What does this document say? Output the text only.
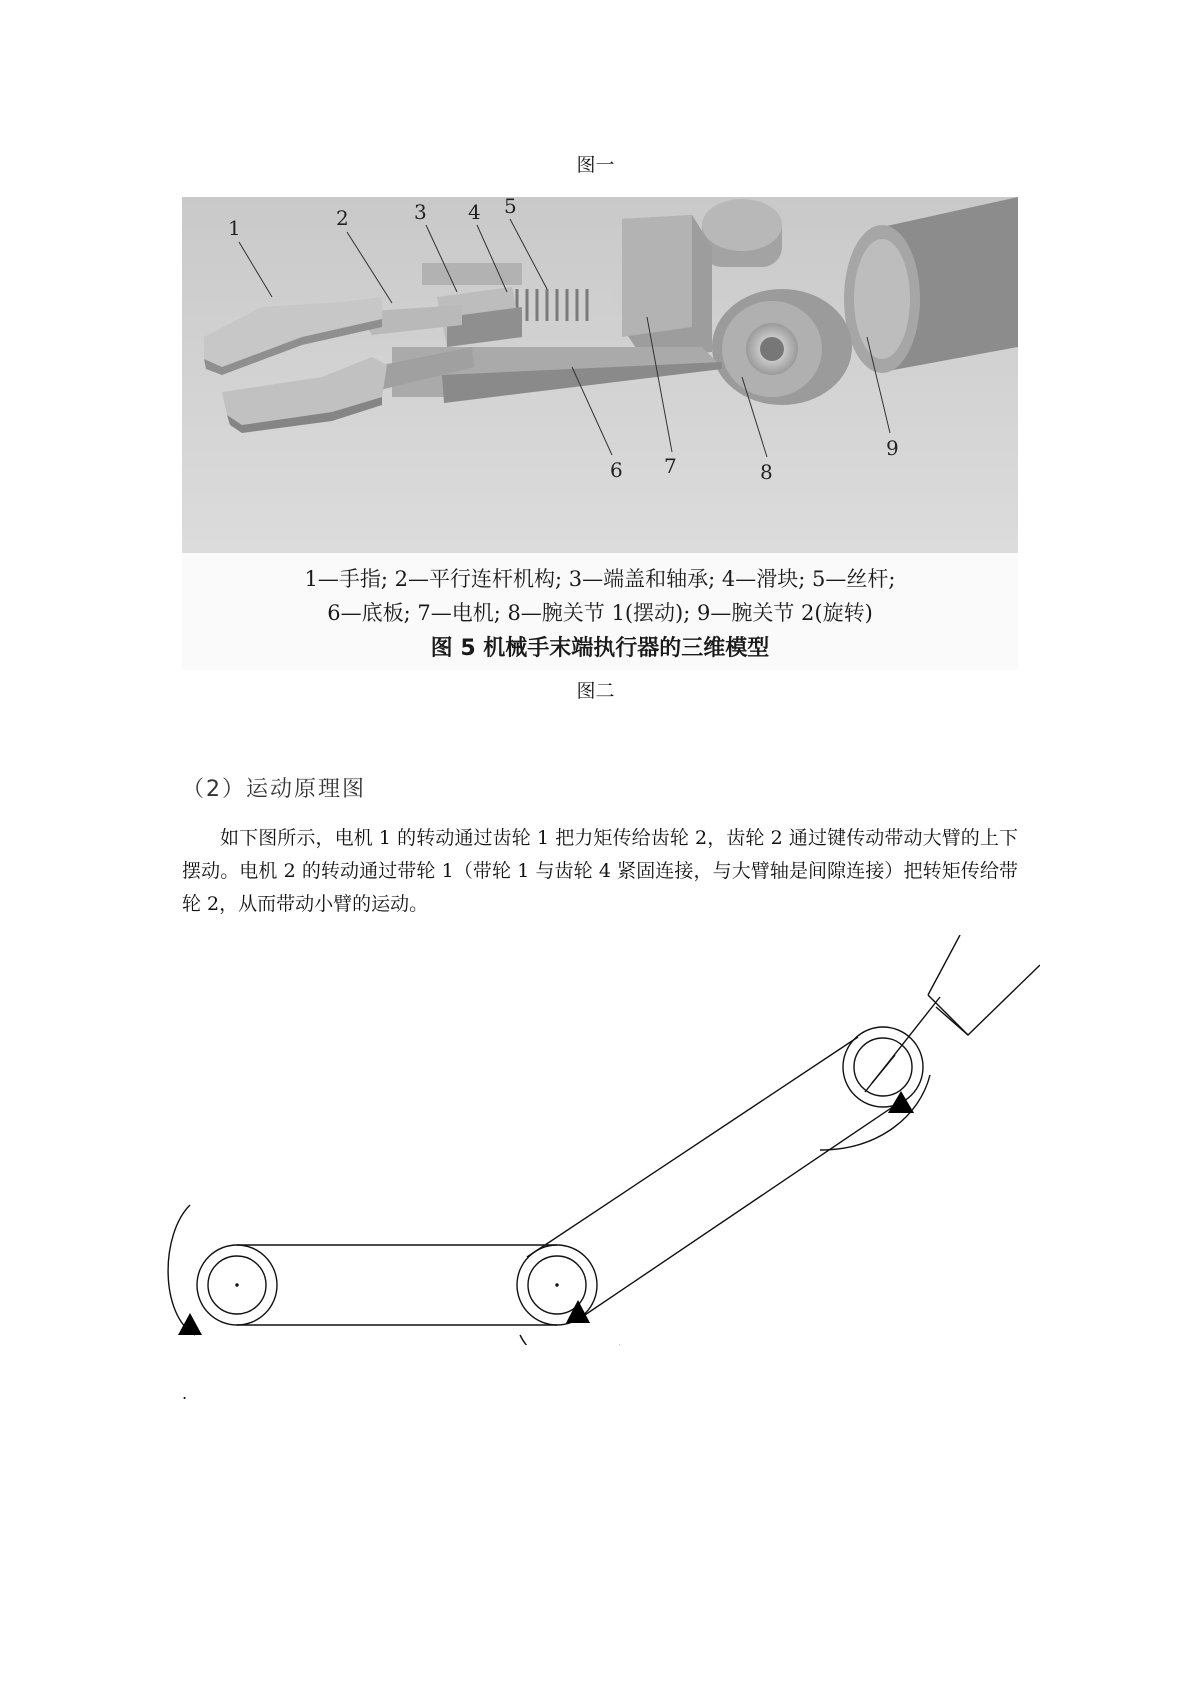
图一
1	2	3 4 5
6 7	8
9
1—手指; 2—平行连杆机构; 3—端盖和轴承; 4—滑块; 5—丝杆;
6—底板; 7—电机; 8—腕关节 1(摆动); 9—腕关节 2(旋转)
图 5 机械手末端执行器的三维模型
图二
（2）运动原理图
如下图所示，电机 1 的转动通过齿轮 1 把力矩传给齿轮 2，齿轮 2 通过键传动带动大臂的上下摆动。电机 2 的转动通过带轮 1（带轮 1 与齿轮 4 紧固连接，与大臂轴是间隙连接）把转矩传给带轮 2，从而带动小臂的运动。
.
